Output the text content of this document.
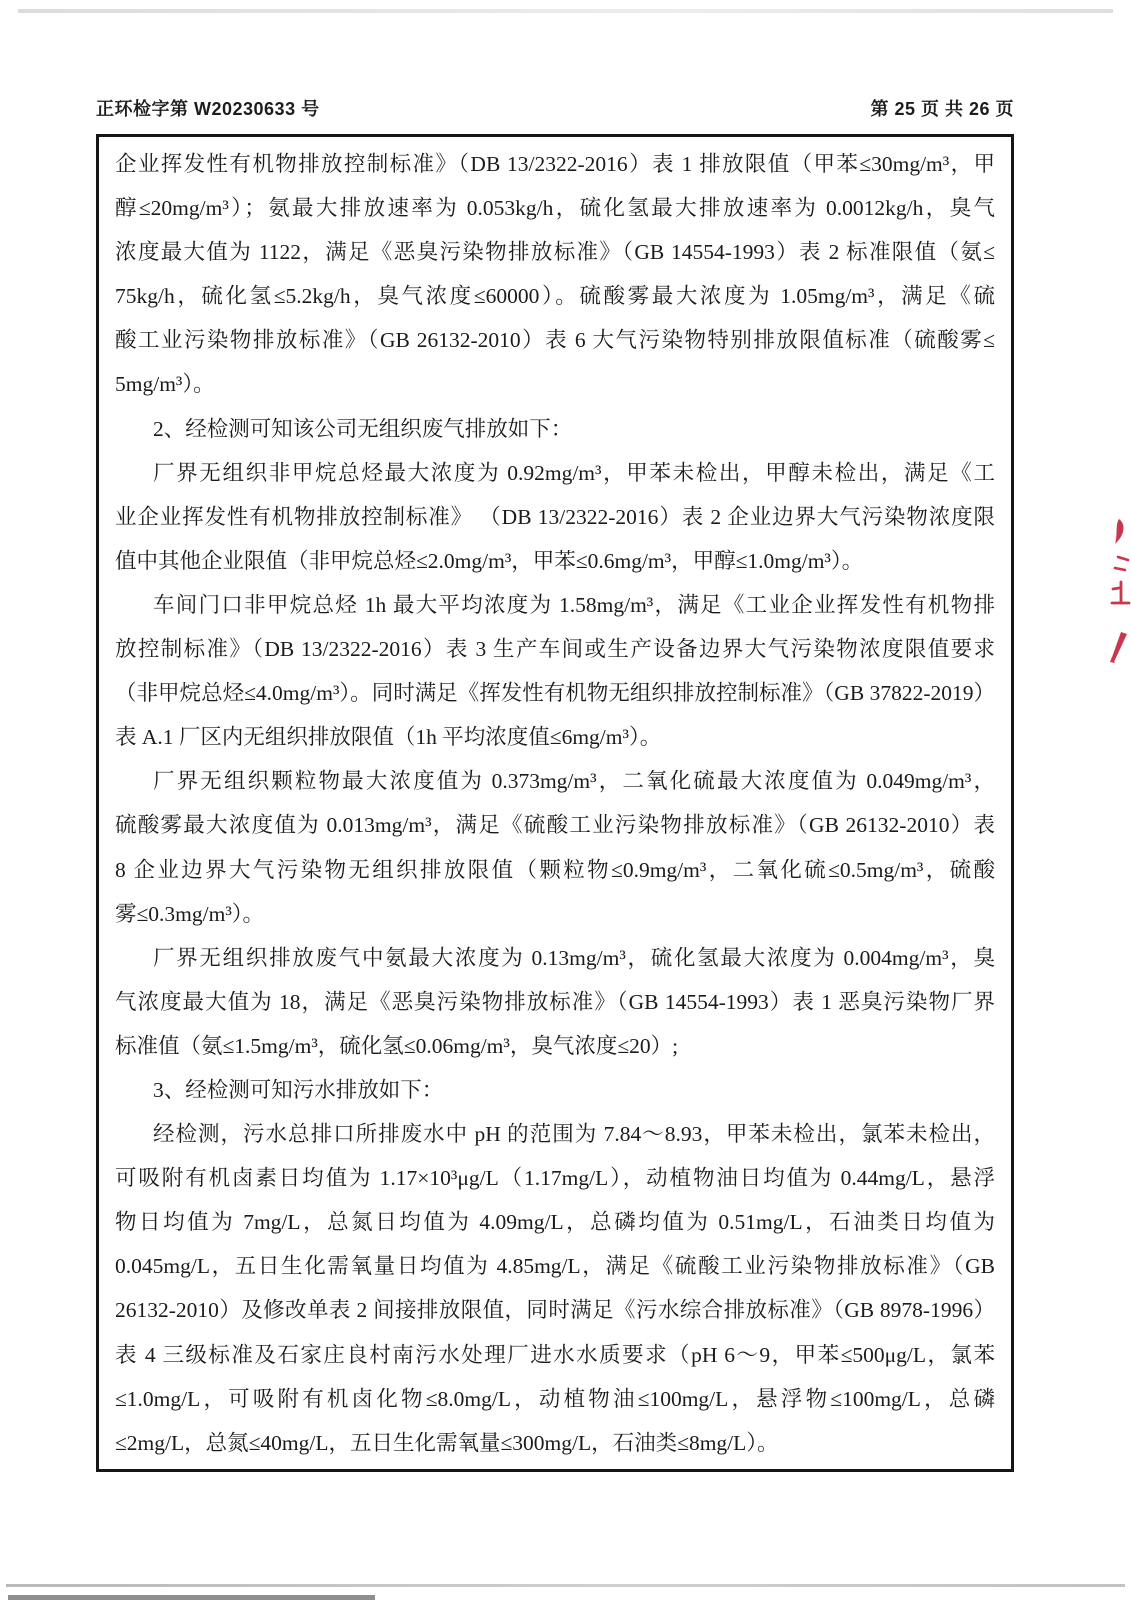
正环检字第 W20230633 号	第 25 页 共 26 页
企业挥发性有机物排放控制标准》（DB 13/2322-2016）表 1 排放限值（甲苯≤30mg/m³，甲
醇≤20mg/m³）；氨最大排放速率为 0.053kg/h，硫化氢最大排放速率为 0.0012kg/h，臭气
浓度最大值为 1122，满足《恶臭污染物排放标准》（GB 14554-1993）表 2 标准限值（氨≤
75kg/h，硫化氢≤5.2kg/h，臭气浓度≤60000）。硫酸雾最大浓度为 1.05mg/m³，满足《硫
酸工业污染物排放标准》（GB 26132-2010）表 6 大气污染物特别排放限值标准（硫酸雾≤
5mg/m³）。
2、经检测可知该公司无组织废气排放如下：
厂界无组织非甲烷总烃最大浓度为 0.92mg/m³，甲苯未检出，甲醇未检出，满足《工
业企业挥发性有机物排放控制标准》 （DB 13/2322-2016）表 2 企业边界大气污染物浓度限
值中其他企业限值（非甲烷总烃≤2.0mg/m³，甲苯≤0.6mg/m³，甲醇≤1.0mg/m³）。
车间门口非甲烷总烃 1h 最大平均浓度为 1.58mg/m³，满足《工业企业挥发性有机物排
放控制标准》（DB 13/2322-2016）表 3 生产车间或生产设备边界大气污染物浓度限值要求
（非甲烷总烃≤4.0mg/m³）。同时满足《挥发性有机物无组织排放控制标准》（GB 37822-2019）
表 A.1 厂区内无组织排放限值（1h 平均浓度值≤6mg/m³）。
厂界无组织颗粒物最大浓度值为 0.373mg/m³，二氧化硫最大浓度值为 0.049mg/m³，
硫酸雾最大浓度值为 0.013mg/m³，满足《硫酸工业污染物排放标准》（GB 26132-2010）表
8 企业边界大气污染物无组织排放限值（颗粒物≤0.9mg/m³，二氧化硫≤0.5mg/m³，硫酸
雾≤0.3mg/m³）。
厂界无组织排放废气中氨最大浓度为 0.13mg/m³，硫化氢最大浓度为 0.004mg/m³，臭
气浓度最大值为 18，满足《恶臭污染物排放标准》（GB 14554-1993）表 1 恶臭污染物厂界
标准值（氨≤1.5mg/m³，硫化氢≤0.06mg/m³，臭气浓度≤20）;
3、经检测可知污水排放如下：
经检测，污水总排口所排废水中 pH 的范围为 7.84～8.93，甲苯未检出，氯苯未检出，
可吸附有机卤素日均值为 1.17×10³μg/L（1.17mg/L），动植物油日均值为 0.44mg/L，悬浮
物日均值为 7mg/L，总氮日均值为 4.09mg/L，总磷均值为 0.51mg/L，石油类日均值为
0.045mg/L，五日生化需氧量日均值为 4.85mg/L，满足《硫酸工业污染物排放标准》（GB
26132-2010）及修改单表 2 间接排放限值，同时满足《污水综合排放标准》（GB 8978-1996）
表 4 三级标准及石家庄良村南污水处理厂进水水质要求（pH 6～9，甲苯≤500μg/L，氯苯
≤1.0mg/L，可吸附有机卤化物≤8.0mg/L，动植物油≤100mg/L，悬浮物≤100mg/L，总磷
≤2mg/L，总氮≤40mg/L，五日生化需氧量≤300mg/L，石油类≤8mg/L）。
